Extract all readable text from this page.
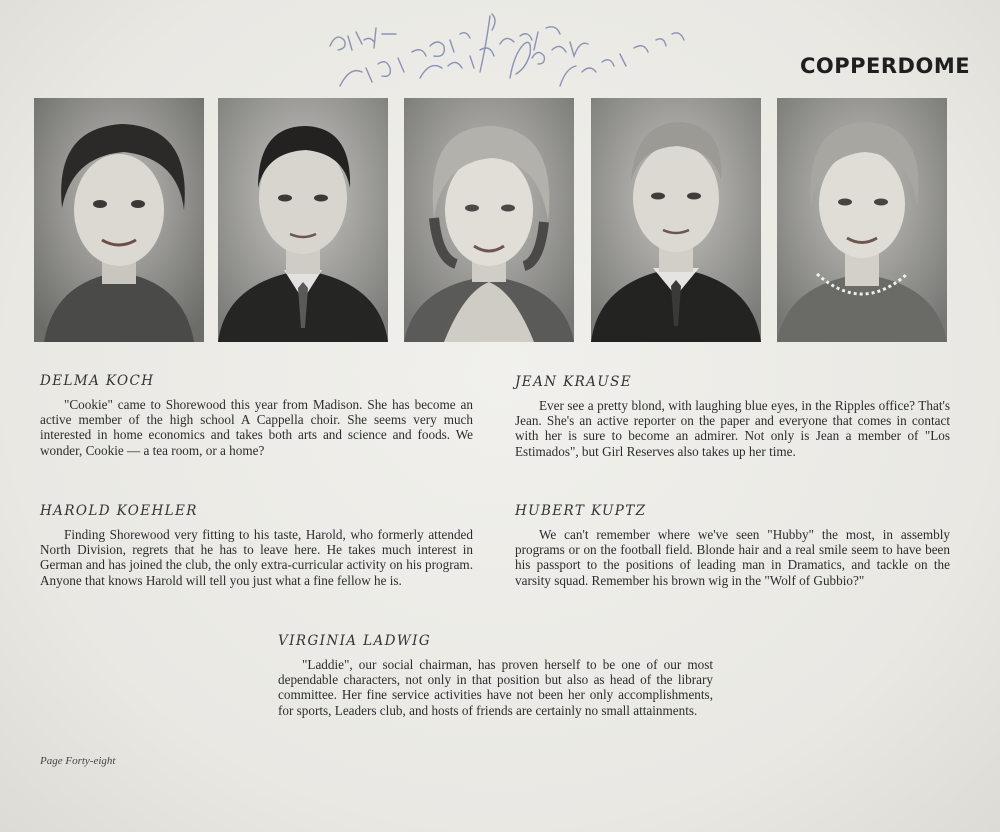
COPPERDOME
DELMA KOCH
"Cookie" came to Shorewood this year from Madison. She has become an active member of the high school A Cappella choir. She seems very much interested in home economics and takes both arts and science and foods. We wonder, Cookie — a tea room, or a home?
JEAN KRAUSE
Ever see a pretty blond, with laughing blue eyes, in the Ripples office? That's Jean. She's an active reporter on the paper and everyone that comes in contact with her is sure to become an admirer. Not only is Jean a member of "Los Estimados", but Girl Reserves also takes up her time.
HAROLD KOEHLER
Finding Shorewood very fitting to his taste, Harold, who formerly attended North Division, regrets that he has to leave here. He takes much interest in German and has joined the club, the only extra-curricular activity on his program. Anyone that knows Harold will tell you just what a fine fellow he is.
HUBERT KUPTZ
We can't remember where we've seen "Hubby" the most, in assembly programs or on the football field. Blonde hair and a real smile seem to have been his passport to the positions of leading man in Dramatics, and tackle on the varsity squad. Remember his brown wig in the "Wolf of Gubbio?"
VIRGINIA LADWIG
"Laddie", our social chairman, has proven herself to be one of our most dependable characters, not only in that position but also as head of the library committee. Her fine service activities have not been her only accomplishments, for sports, Leaders club, and hosts of friends are certainly no small attainments.
Page Forty-eight
